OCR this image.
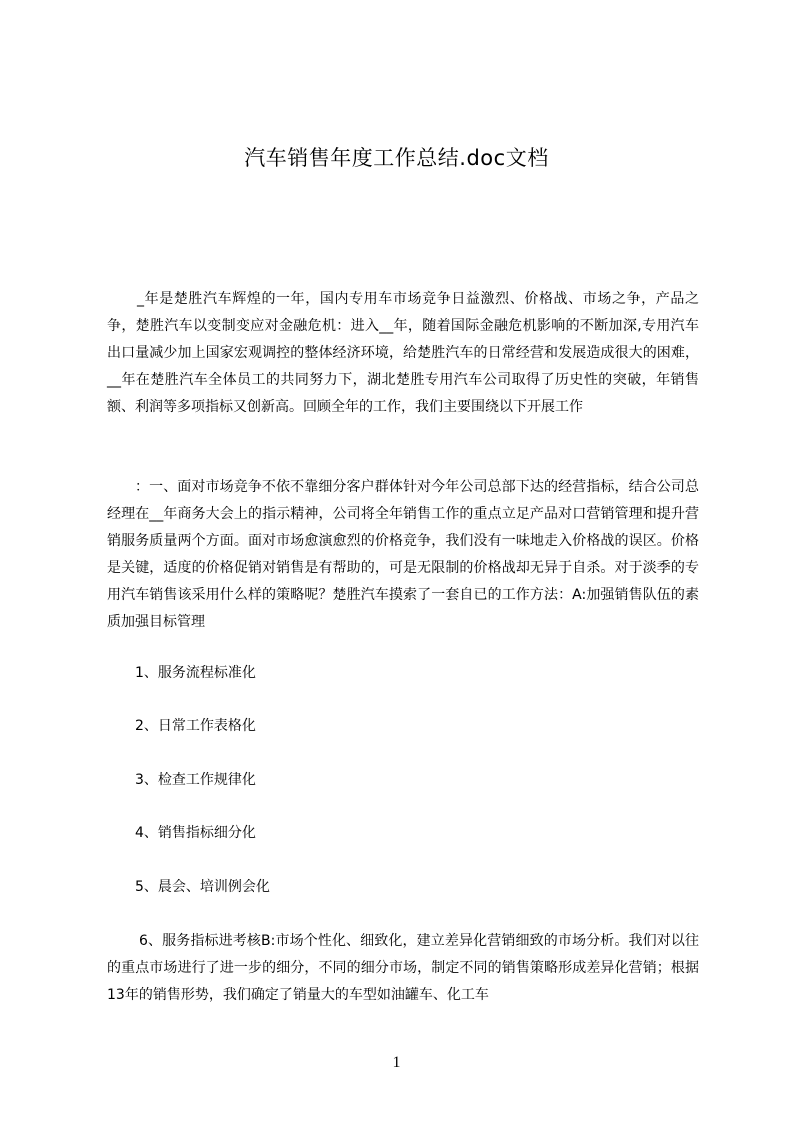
汽车销售年度工作总结.doc文档

_年是楚胜汽车辉煌的一年，国内专用车市场竞争日益激烈、价格战、市场之争，产品之争，楚胜汽车以变制变应对金融危机：进入__年，随着国际金融危机影响的不断加深,专用汽车出口量减少加上国家宏观调控的整体经济环境，给楚胜汽车的日常经营和发展造成很大的困难，__年在楚胜汽车全体员工的共同努力下，湖北楚胜专用汽车公司取得了历史性的突破，年销售额、利润等多项指标又创新高。回顾全年的工作，我们主要围绕以下开展工作

：一、面对市场竞争不依不靠细分客户群体针对今年公司总部下达的经营指标，结合公司总经理在__年商务大会上的指示精神，公司将全年销售工作的重点立足产品对口营销管理和提升营销服务质量两个方面。面对市场愈演愈烈的价格竞争，我们没有一味地走入价格战的误区。价格是关键，适度的价格促销对销售是有帮助的，可是无限制的价格战却无异于自杀。对于淡季的专用汽车销售该采用什么样的策略呢？楚胜汽车摸索了一套自已的工作方法：A:加强销售队伍的素质加强目标管理

1、服务流程标准化

2、日常工作表格化

3、检查工作规律化

4、销售指标细分化

5、晨会、培训例会化

6、服务指标进考核B:市场个性化、细致化，建立差异化营销细致的市场分析。我们对以往的重点市场进行了进一步的细分，不同的细分市场，制定不同的销售策略形成差异化营销；根据13年的销售形势，我们确定了销量大的车型如油罐车、化工车

1
